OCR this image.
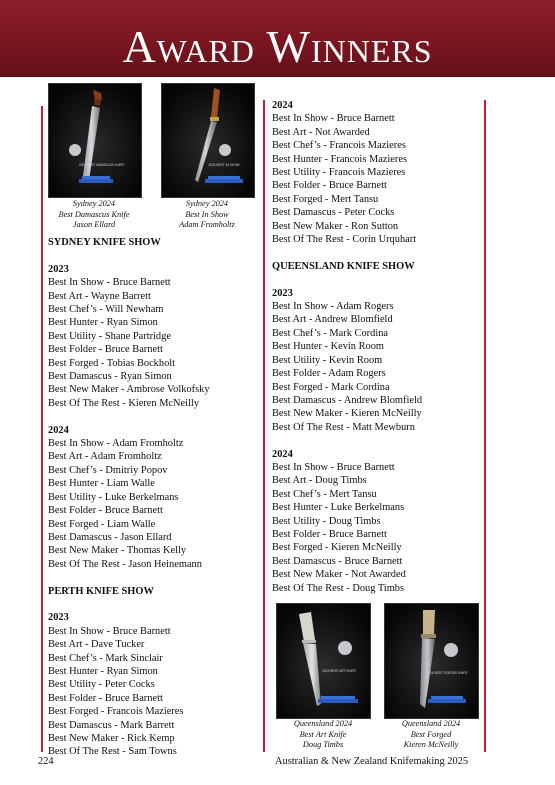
Award Winners
2024 BEST DAMASCUS KNIFE
Sydney 2024
Best Damascus Knife
Jason Ellard
2024 BEST IN SHOW
Sydney 2024
Best In Show
Adam Fromholtz
SYDNEY KNIFE SHOW
2023
Best In Show - Bruce Barnett
Best Art - Wayne Barrett
Best Chef’s - Will Newham
Best Hunter - Ryan Simon
Best Utility - Shane Partridge
Best Folder - Bruce Barnett
Best Forged - Tobias Bockholt
Best Damascus - Ryan Simon
Best New Maker - Ambrose Volkofsky
Best Of The Rest - Kieren McNeilly
2024
Best In Show - Adam Fromholtz
Best Art - Adam Fromholtz
Best Chef’s - Dmitriy Popov
Best Hunter - Liam Walle
Best Utility - Luke Berkelmans
Best Folder - Bruce Barnett
Best Forged - Liam Walle
Best Damascus - Jason Ellard
Best New Maker - Thomas Kelly
Best Of The Rest - Jason Heinemann
PERTH KNIFE SHOW
2023
Best In Show - Bruce Barnett
Best Art - Dave Tucker
Best Chef’s - Mark Sinclair
Best Hunter - Ryan Simon
Best Utility - Peter Cocks
Best Folder - Bruce Barnett
Best Forged - Francois Mazieres
Best Damascus - Mark Barrett
Best New Maker - Rick Kemp
Best Of The Rest - Sam Towns
2024
Best In Show - Bruce Barnett
Best Art - Not Awarded
Best Chef’s - Francois Mazieres
Best Hunter - Francois Mazieres
Best Utility - Francois Mazieres
Best Folder - Bruce Barnett
Best Forged - Mert Tansu
Best Damascus - Peter Cocks
Best New Maker - Ron Sutton
Best Of The Rest - Corin Urquhart
QUEENSLAND KNIFE SHOW
2023
Best In Show - Adam Rogers
Best Art - Andrew Blomfield
Best Chef’s - Mark Cordina
Best Hunter - Kevin Room
Best Utility - Kevin Room
Best Folder - Adam Rogers
Best Forged - Mark Cordina
Best Damascus - Andrew Blomfield
Best New Maker - Kieren McNeilly
Best Of The Rest - Matt Mewburn
2024
Best In Show - Bruce Barnett
Best Art - Doug Timbs
Best Chef’s - Mert Tansu
Best Hunter - Luke Berkelmans
Best Utility - Doug Timbs
Best Folder - Bruce Barnett
Best Forged - Kieren McNeilly
Best Damascus - Bruce Barnett
Best New Maker - Not Awarded
Best Of The Rest - Doug Timbs
2024 BEST ART KNIFE
Queensland 2024
Best Art Knife
Doug Timbs
2024 BEST FORGED KNIFE
Queensland 2024
Best Forged
Kieren McNeilly
224	Australian & New Zealand Knifemaking 2025
